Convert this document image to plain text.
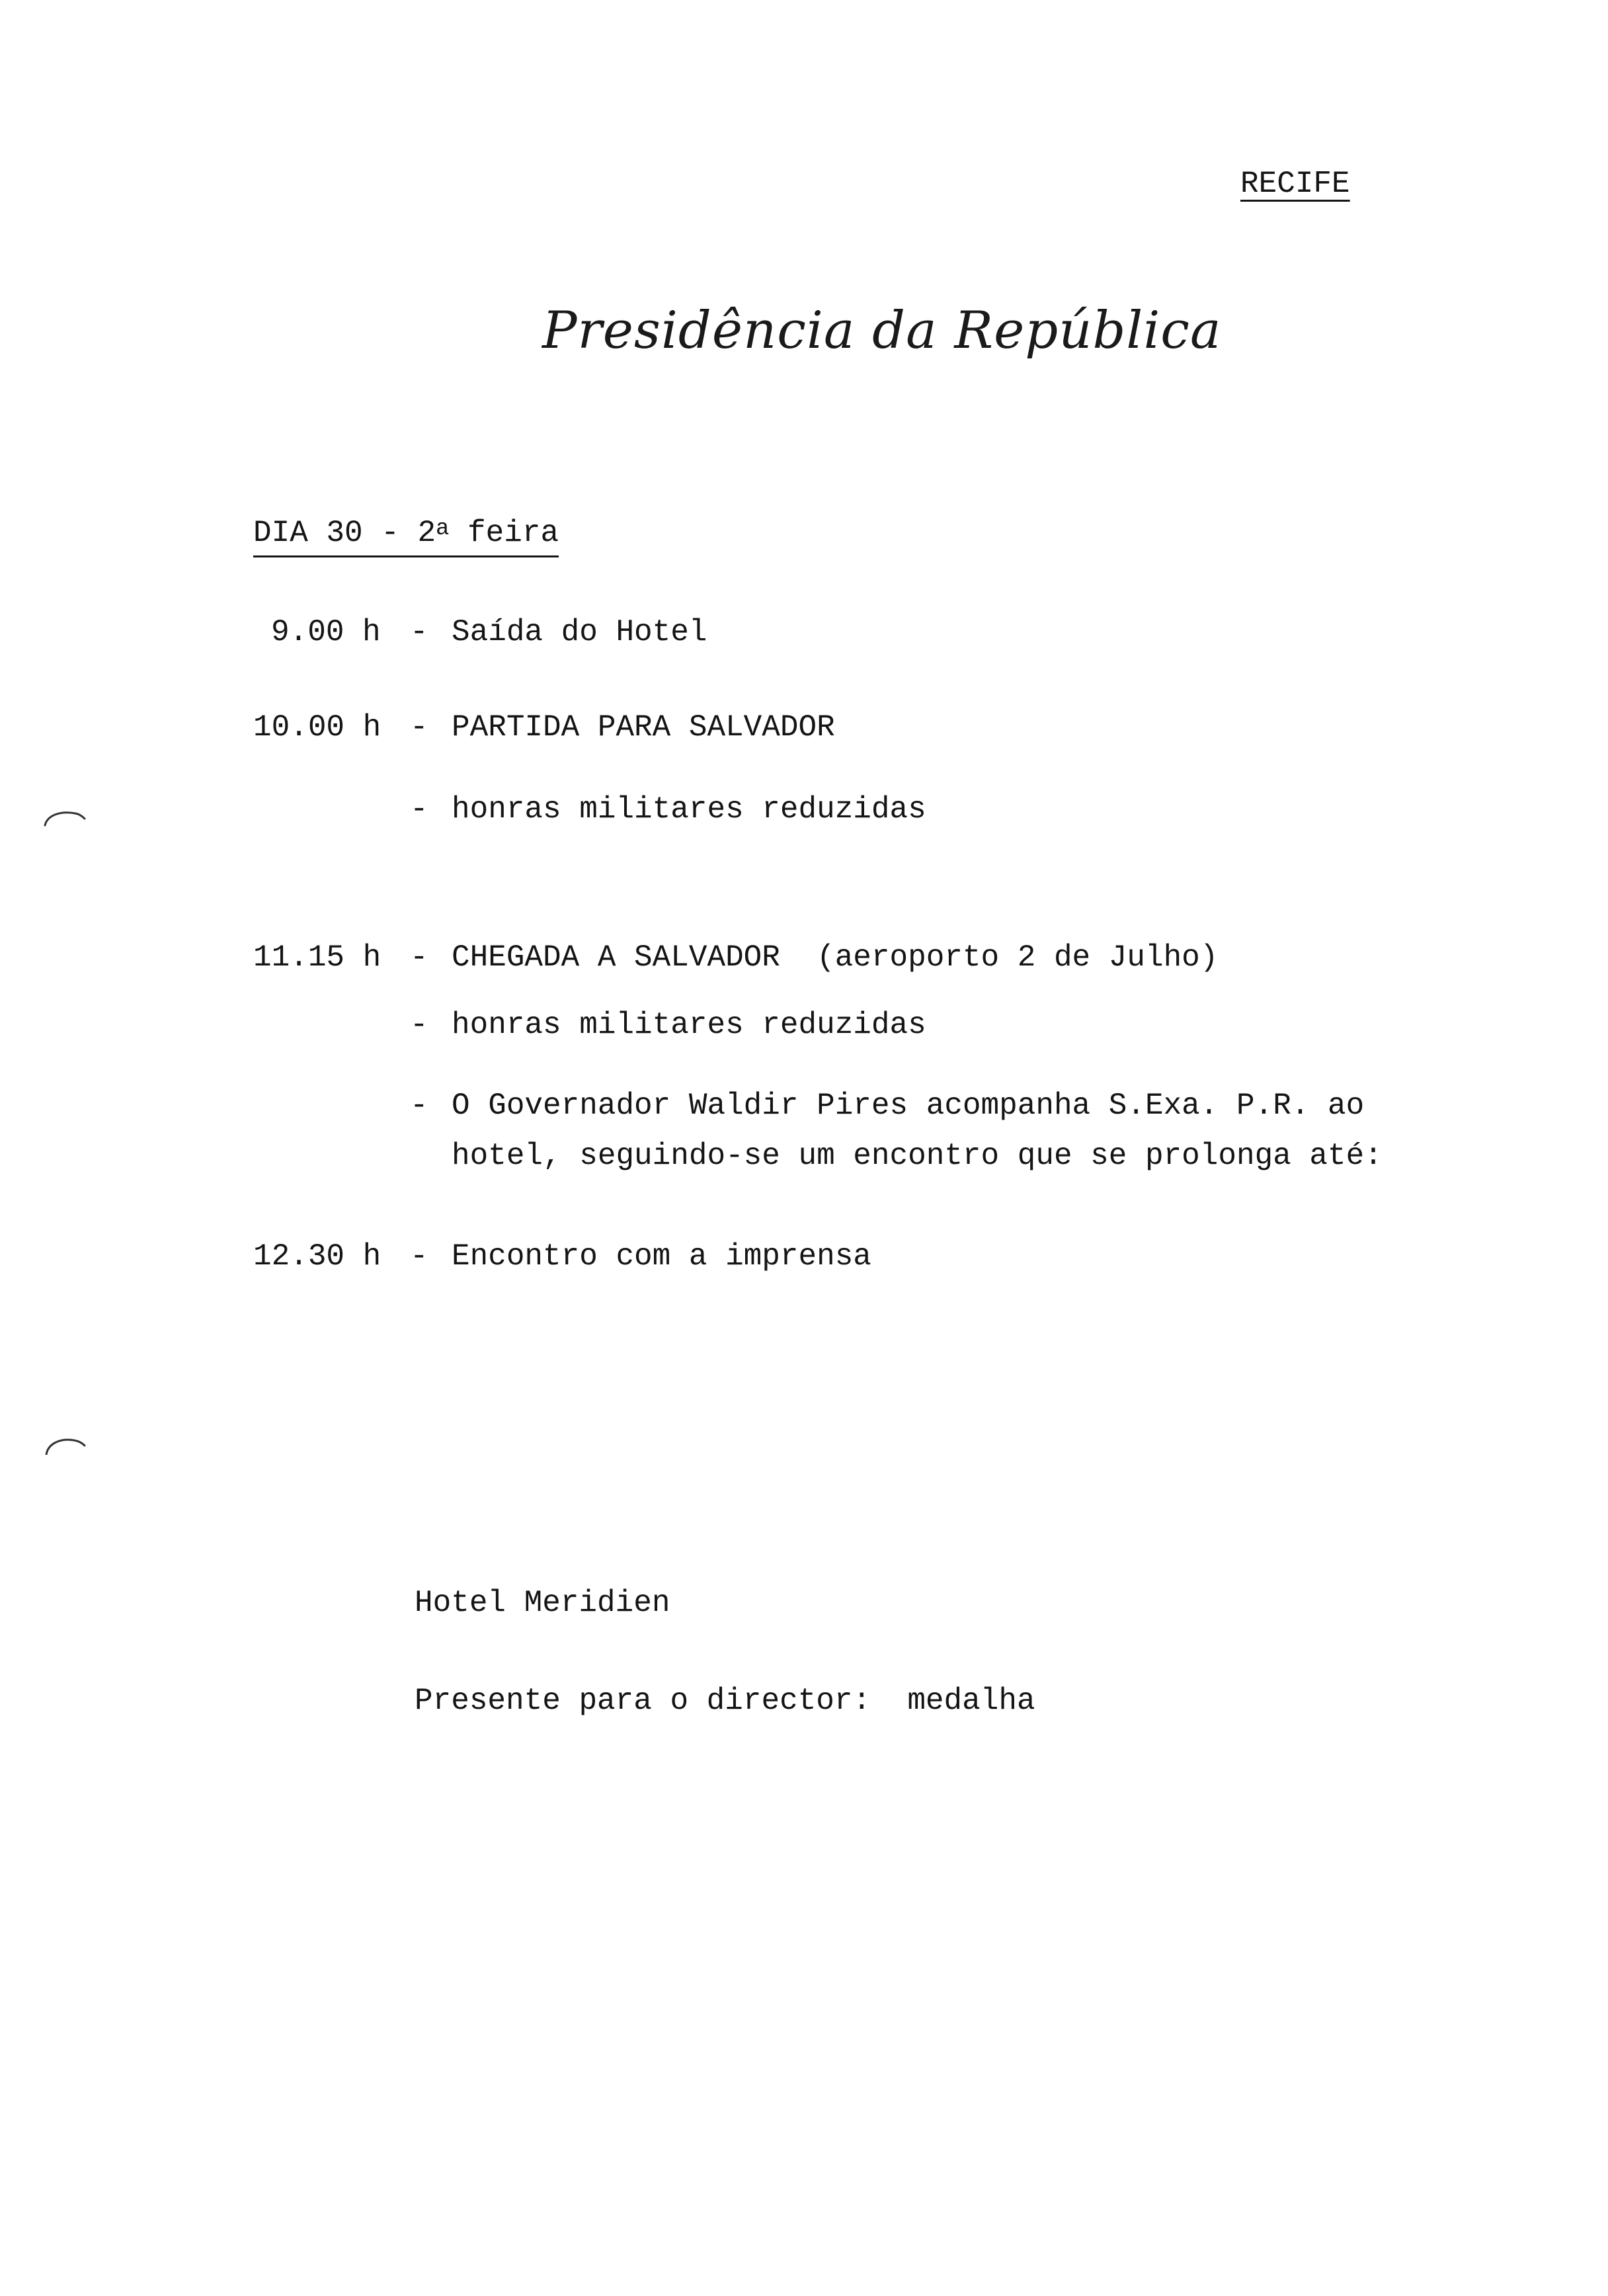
RECIFE
Presidência da República
DIA 30 - 2$^a$ feira
9.00 h - Saída do Hotel
10.00 h - PARTIDA PARA SALVADOR
- honras militares reduzidas
11.15 h - CHEGADA A SALVADOR  (aeroporto 2 de Julho)
- honras militares reduzidas
- O Governador Waldir Pires acompanha S.Exa. P.R. ao
hotel, seguindo-se um encontro que se prolonga até:
12.30 h - Encontro com a imprensa
Hotel Meridien
Presente para o director:  medalha
